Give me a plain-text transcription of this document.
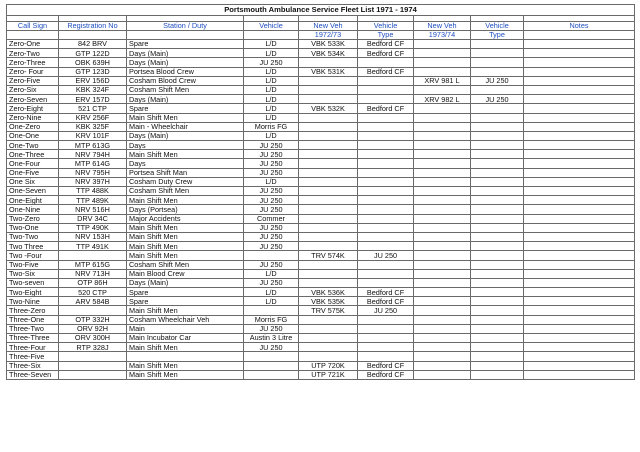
Portsmouth Ambulance Service Fleet List 1971 - 1974								

Call Sign	Registration No	Station / Duty	Vehicle	New Veh	Vehicle	New Veh	Vehicle	Notes
				1972/73	Type	1973/74	Type	
Zero-One	842 BRV	Spare	L/D	VBK 533K	Bedford CF			
Zero-Two	GTP 122D	Days (Main)	L/D	VBK 534K	Bedford CF			
Zero-Three	OBK 639H	Days (Main)	JU 250					
Zero- Four	GTP 123D	Portsea Blood Crew	L/D	VBK 531K	Bedford CF			
Zero-Five	ERV 156D	Cosham Blood Crew	L/D			XRV 981 L	JU 250	
Zero-Six	KBK 324F	Cosham Shift Men	L/D					
Zero-Seven	ERV 157D	Days (Main)	L/D			XRV 982 L	JU 250	
Zero-Eight	521 CTP	Spare	L/D	VBK 532K	Bedford CF			
Zero-Nine	KRV 256F	Main Shift Men	L/D					
One-Zero	KBK 325F	Main - Wheelchair	Morris FG					
One-One	KRV 101F	Days (Main)	L/D					
One-Two	MTP 613G	Days	JU 250					
One-Three	NRV 794H	Main Shift Men	JU 250					
One-Four	MTP 614G	Days	JU 250					
One-Five	NRV 795H	Portsea Shift Man	JU 250					
One Six	NRV 397H	Cosham Duty Crew	L/D					
One-Seven	TTP 488K	Cosham Shift Men	JU 250					
One-Eight	TTP 489K	Main Shift Men	JU 250					
One-Nine	NRV 516H	Days (Portsea)	JU 250					
Two-Zero	DRV 34C	Major Accidents	Commer					
Two-One	TTP 490K	Main Shift Men	JU 250					
Two-Two	NRV 153H	Main Shift Men	JU 250					
Two Three	TTP 491K	Main Shift Men	JU 250					
Two -Four		Main Shift Men		TRV 574K	JU 250			
Two-Five	MTP 615G	Cosham Shift Men	JU 250					
Two-Six	NRV 713H	Main Blood Crew	L/D					
Two-seven	OTP 86H	Days (Main)	JU 250					
Two-Eight	520 CTP	Spare	L/D	VBK 536K	Bedford CF			
Two-Nine	ARV 584B	Spare	L/D	VBK 535K	Bedford CF			
Three-Zero		Main Shift Men		TRV 575K	JU 250			
Three-One	OTP 332H	Cosham Wheelchair Veh	Morris FG					
Three-Two	ORV 92H	Main	JU 250					
Three-Three	ORV 300H	Main Incubator Car	Austin 3 Litre					
Three-Four	RTP 328J	Main Shift Men	JU 250					
Three-Five								
Three-Six		Main Shift Men		UTP 720K	Bedford CF			
Three-Seven		Main Shift Men		UTP 721K	Bedford CF			
